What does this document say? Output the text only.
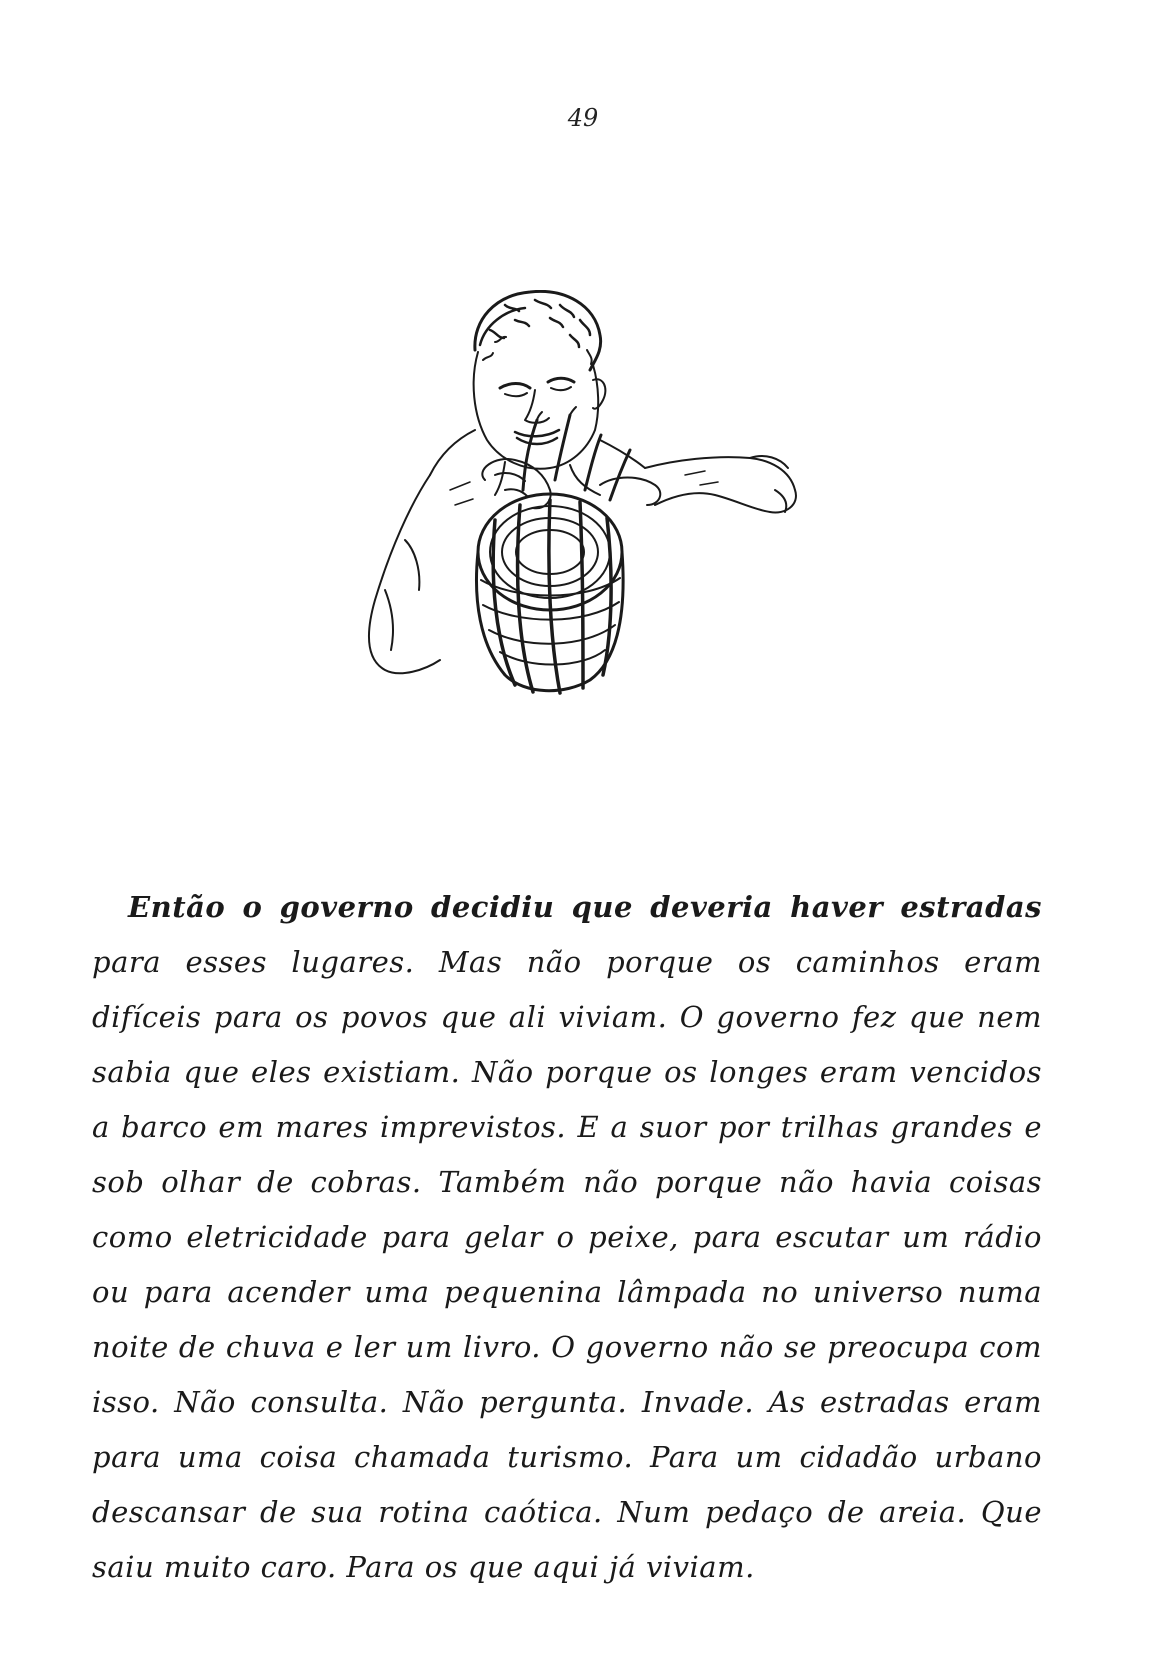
49

Então o governo decidiu que deveria haver estradas para esses lugares. Mas não porque os caminhos eram difíceis para os povos que ali viviam. O governo fez que nem sabia que eles existiam. Não porque os longes eram vencidos a barco em mares imprevistos. E a suor por trilhas grandes e sob olhar de cobras. Também não porque não havia coisas como eletricidade para gelar o peixe, para escutar um rádio ou para acender uma pequenina lâmpada no universo numa noite de chuva e ler um livro. O governo não se preocupa com isso. Não consulta. Não pergunta. Invade. As estradas eram para uma coisa chamada turismo. Para um cidadão urbano descansar de sua rotina caótica. Num pedaço de areia. Que saiu muito caro. Para os que aqui já viviam.
